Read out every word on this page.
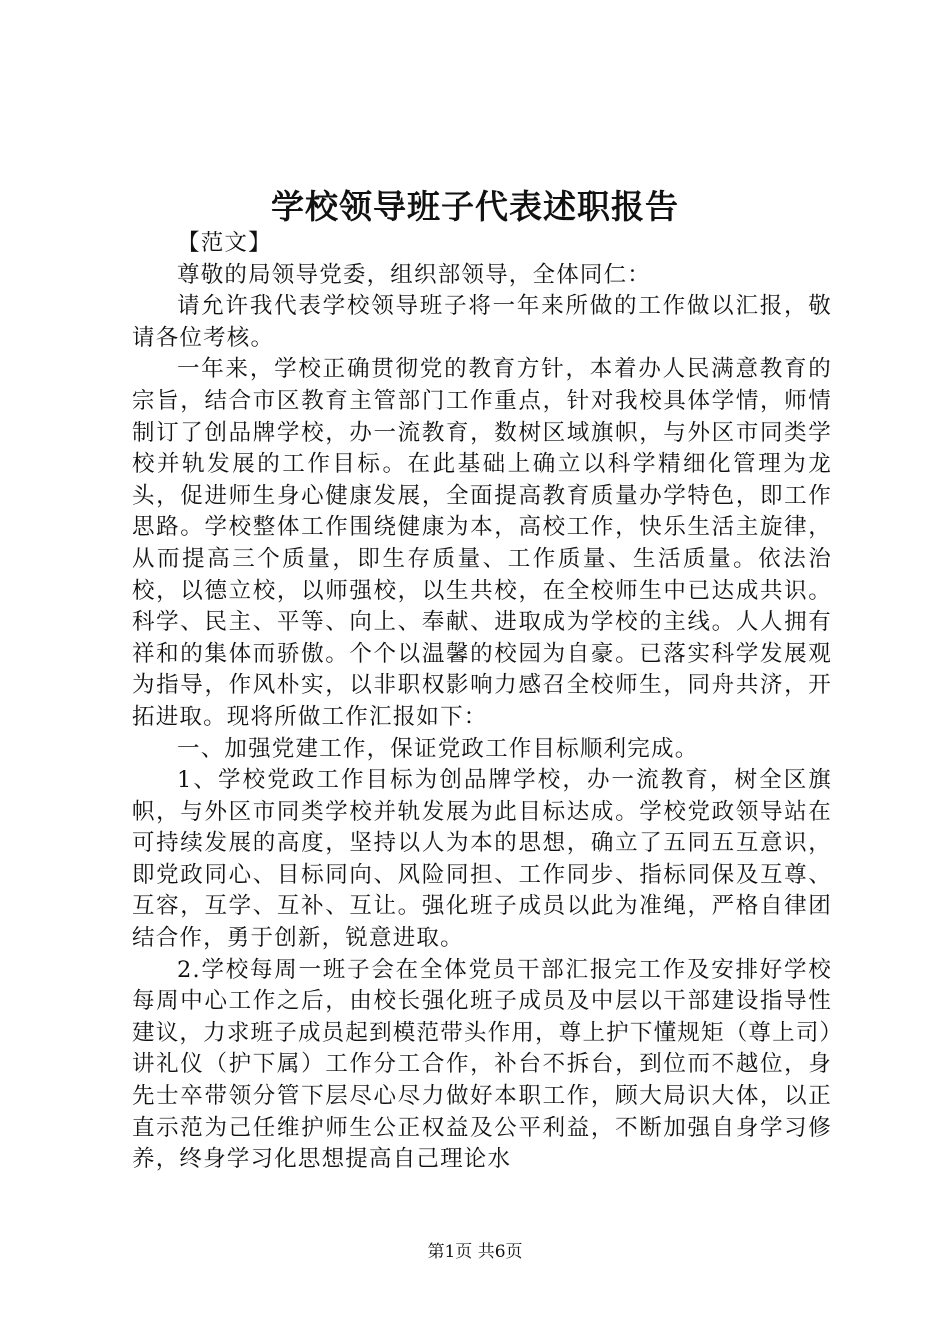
学校领导班子代表述职报告

【范文】

尊敬的局领导党委，组织部领导，全体同仁：

请允许我代表学校领导班子将一年来所做的工作做以汇报，敬请各位考核。

一年来，学校正确贯彻党的教育方针，本着办人民满意教育的宗旨，结合市区教育主管部门工作重点，针对我校具体学情，师情制订了创品牌学校，办一流教育，数树区域旗帜，与外区市同类学校并轨发展的工作目标。在此基础上确立以科学精细化管理为龙头，促进师生身心健康发展，全面提高教育质量办学特色，即工作思路。学校整体工作围绕健康为本，高校工作，快乐生活主旋律，从而提高三个质量，即生存质量、工作质量、生活质量。依法治校，以德立校，以师强校，以生共校，在全校师生中已达成共识。科学、民主、平等、向上、奉献、进取成为学校的主线。人人拥有祥和的集体而骄傲。个个以温馨的校园为自豪。已落实科学发展观为指导，作风朴实，以非职权影响力感召全校师生，同舟共济，开拓进取。现将所做工作汇报如下：

一、加强党建工作，保证党政工作目标顺利完成。

1、学校党政工作目标为创品牌学校，办一流教育，树全区旗帜，与外区市同类学校并轨发展为此目标达成。学校党政领导站在可持续发展的高度，坚持以人为本的思想，确立了五同五互意识，即党政同心、目标同向、风险同担、工作同步、指标同保及互尊、互容，互学、互补、互让。强化班子成员以此为准绳，严格自律团结合作，勇于创新，锐意进取。

2.学校每周一班子会在全体党员干部汇报完工作及安排好学校每周中心工作之后，由校长强化班子成员及中层以干部建设指导性建议，力求班子成员起到模范带头作用，尊上护下懂规矩（尊上司）讲礼仪（护下属）工作分工合作，补台不拆台，到位而不越位，身先士卒带领分管下层尽心尽力做好本职工作，顾大局识大体，以正直示范为己任维护师生公正权益及公平利益，不断加强自身学习修养，终身学习化思想提高自己理论水

第1页 共6页
